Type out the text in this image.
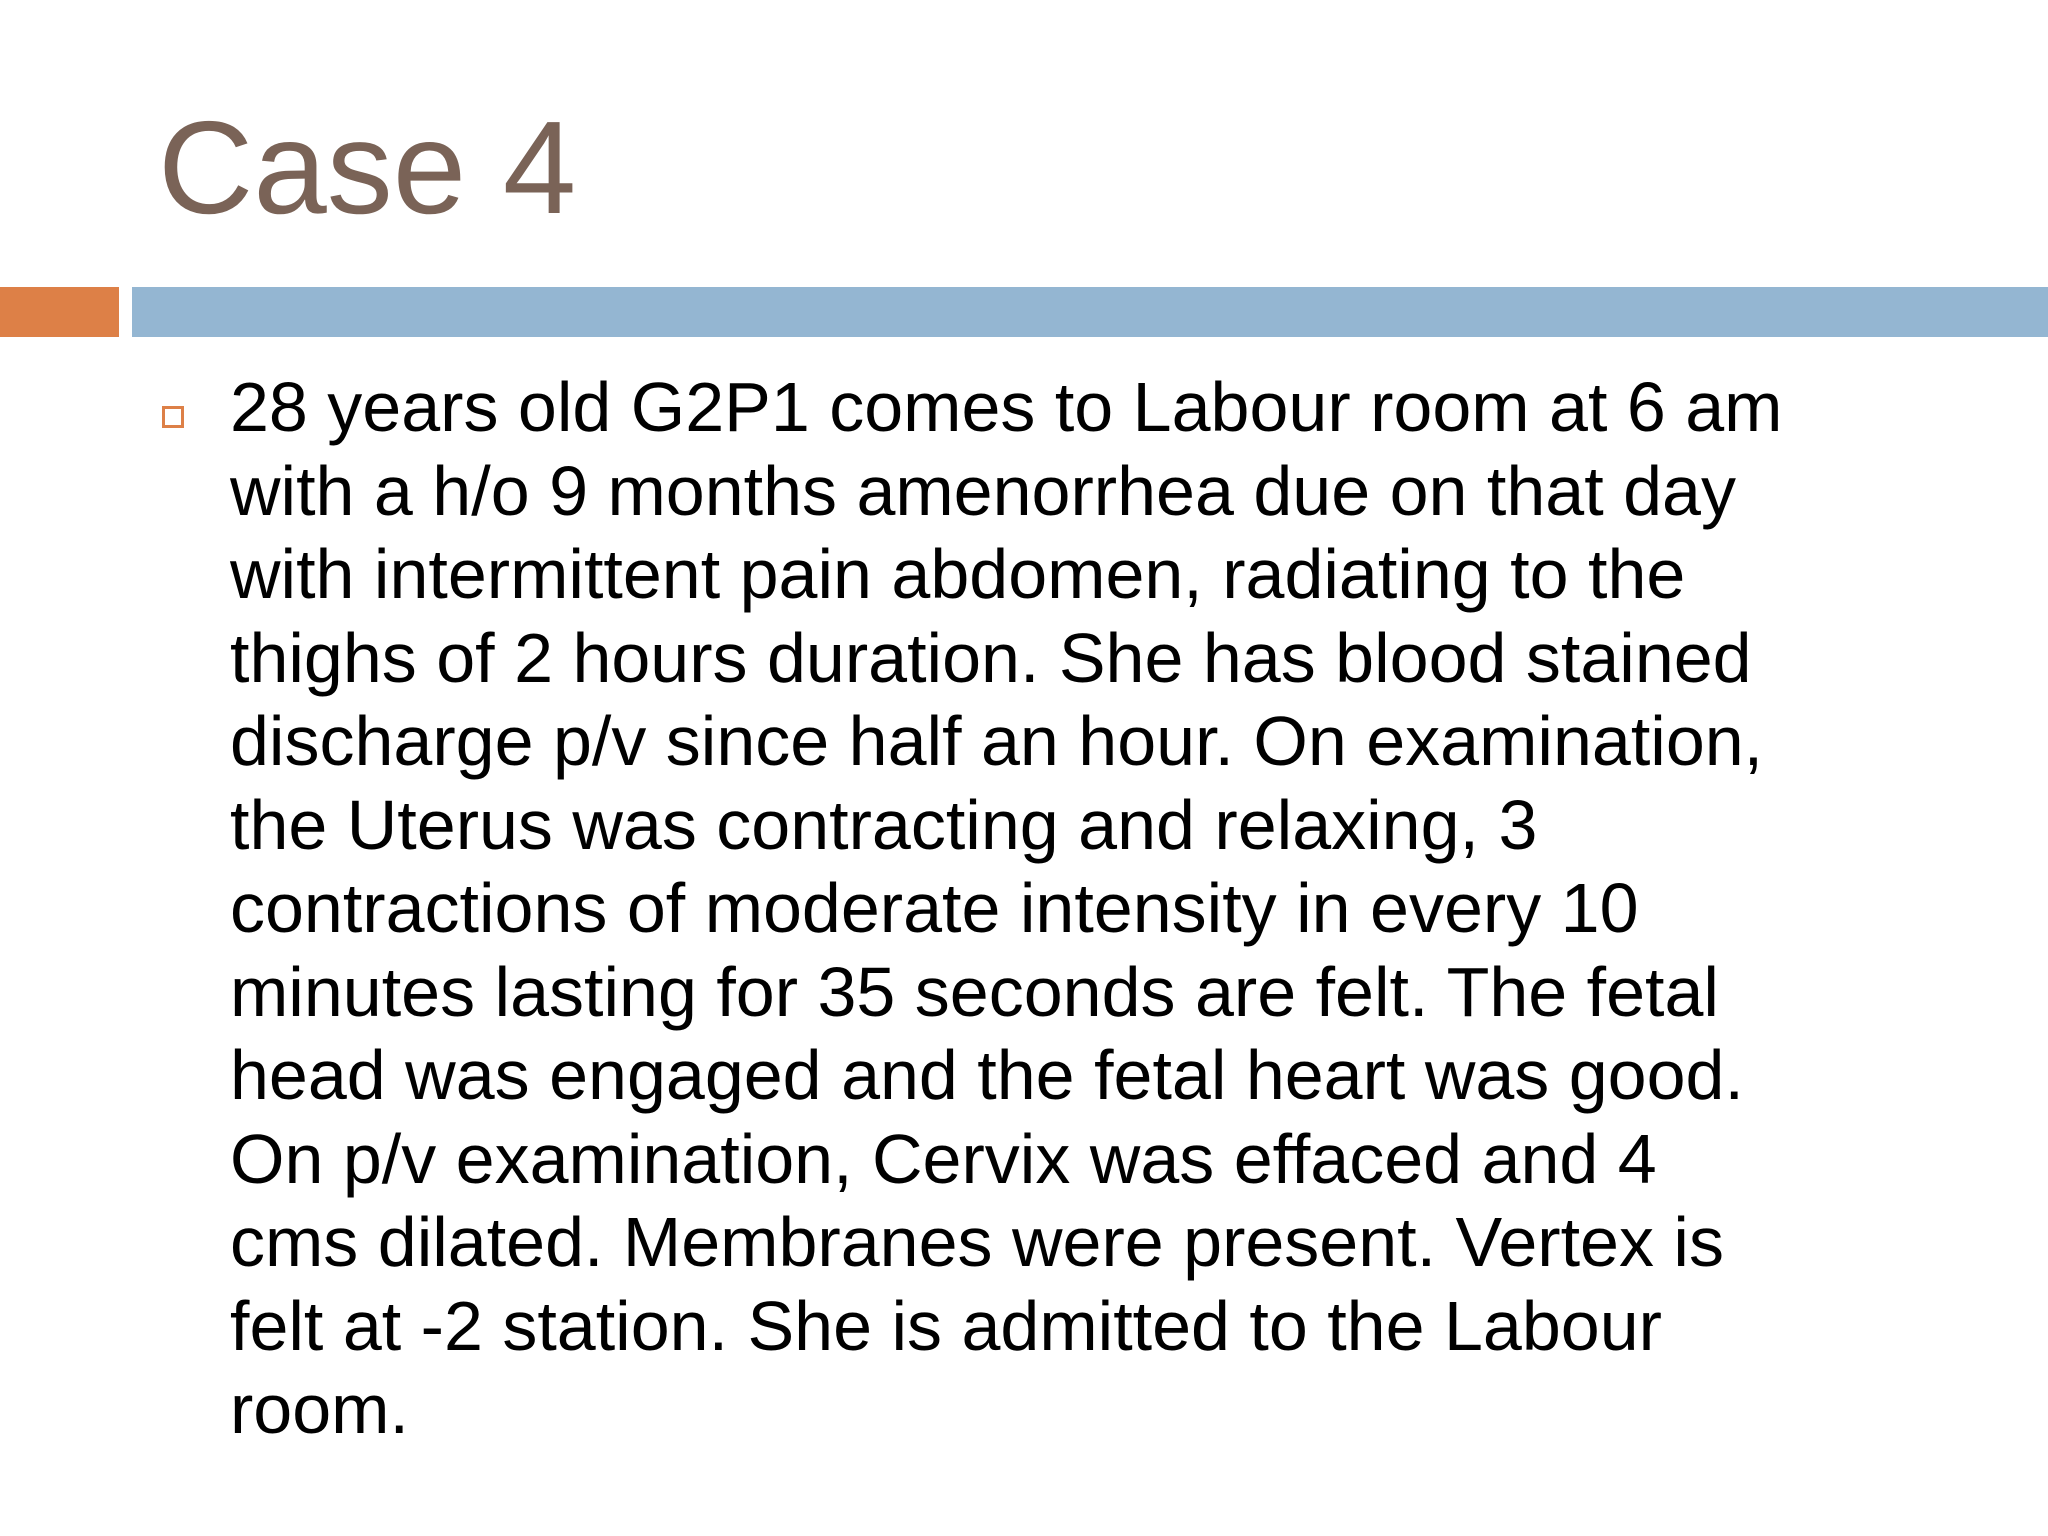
Case 4
28 years old G2P1 comes to Labour room at 6 am
with a h/o 9 months amenorrhea due on that day
with intermittent pain abdomen, radiating to the
thighs of 2 hours duration. She has blood stained
discharge p/v since half an hour. On examination,
the Uterus was contracting and relaxing, 3
contractions of moderate intensity in every 10
minutes lasting for 35 seconds are felt. The fetal
head was engaged and the fetal heart was good.
On p/v examination, Cervix was effaced and 4
cms dilated. Membranes were present. Vertex is
felt at -2 station. She is admitted to the Labour
room.
